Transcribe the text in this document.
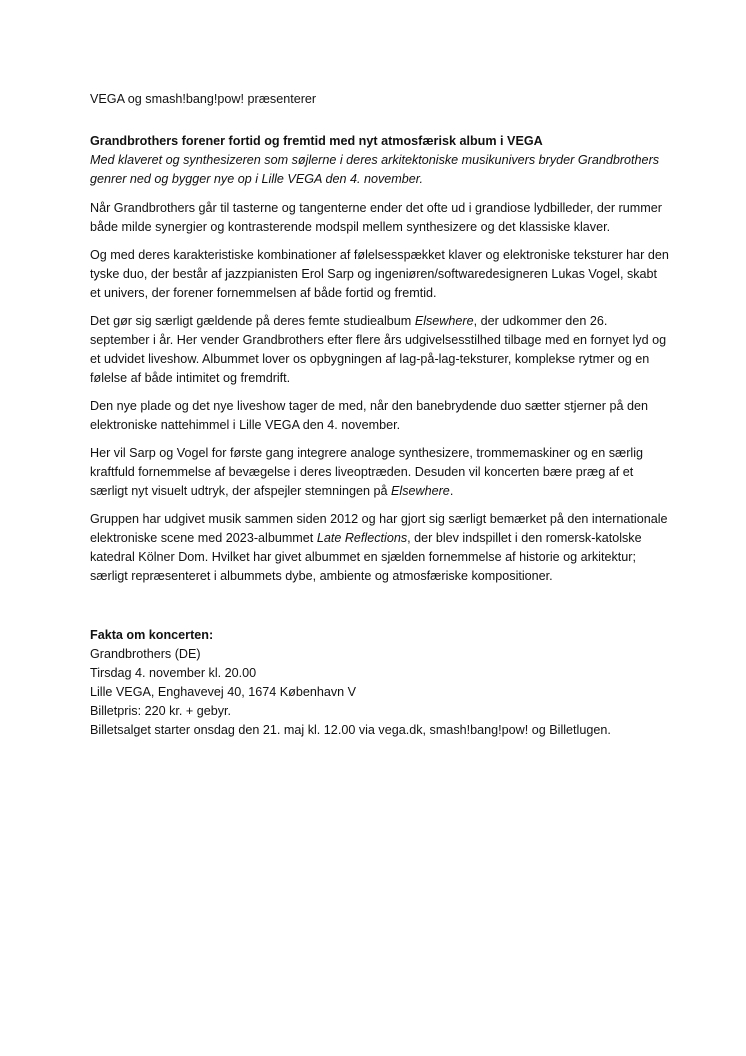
VEGA og smash!bang!pow! præsenterer

Grandbrothers forener fortid og fremtid med nyt atmosfærisk album i VEGA

Med klaveret og synthesizeren som søjlerne i deres arkitektoniske musikunivers bryder Grandbrothers genrer ned og bygger nye op i Lille VEGA den 4. november.

Når Grandbrothers går til tasterne og tangenterne ender det ofte ud i grandiose lydbilleder, der rummer både milde synergier og kontrasterende modspil mellem synthesizere og det klassiske klaver.

Og med deres karakteristiske kombinationer af følelsesspækket klaver og elektroniske teksturer har den tyske duo, der består af jazzpianisten Erol Sarp og ingeniøren/softwaredesigneren Lukas Vogel, skabt et univers, der forener fornemmelsen af både fortid og fremtid.

Det gør sig særligt gældende på deres femte studiealbum Elsewhere, der udkommer den 26. september i år. Her vender Grandbrothers efter flere års udgivelsesstilhed tilbage med en fornyet lyd og et udvidet liveshow. Albummet lover os opbygningen af lag-på-lag-teksturer, komplekse rytmer og en følelse af både intimitet og fremdrift.

Den nye plade og det nye liveshow tager de med, når den banebrydende duo sætter stjerner på den elektroniske nattehimmel i Lille VEGA den 4. november.

Her vil Sarp og Vogel for første gang integrere analoge synthesizere, trommemaskiner og en særlig kraftfuld fornemmelse af bevægelse i deres liveoptræden. Desuden vil koncerten bære præg af et særligt nyt visuelt udtryk, der afspejler stemningen på Elsewhere.

Gruppen har udgivet musik sammen siden 2012 og har gjort sig særligt bemærket på den internationale elektroniske scene med 2023-albummet Late Reflections, der blev indspillet i den romersk-katolske katedral Kölner Dom. Hvilket har givet albummet en sjælden fornemmelse af historie og arkitektur; særligt repræsenteret i albummets dybe, ambiente og atmosfæriske kompositioner.

Fakta om koncerten:

Grandbrothers (DE)

Tirsdag 4. november kl. 20.00

Lille VEGA, Enghavevej 40, 1674 København V

Billetpris: 220 kr. + gebyr.

Billetsalget starter onsdag den 21. maj kl. 12.00 via vega.dk, smash!bang!pow! og Billetlugen.
